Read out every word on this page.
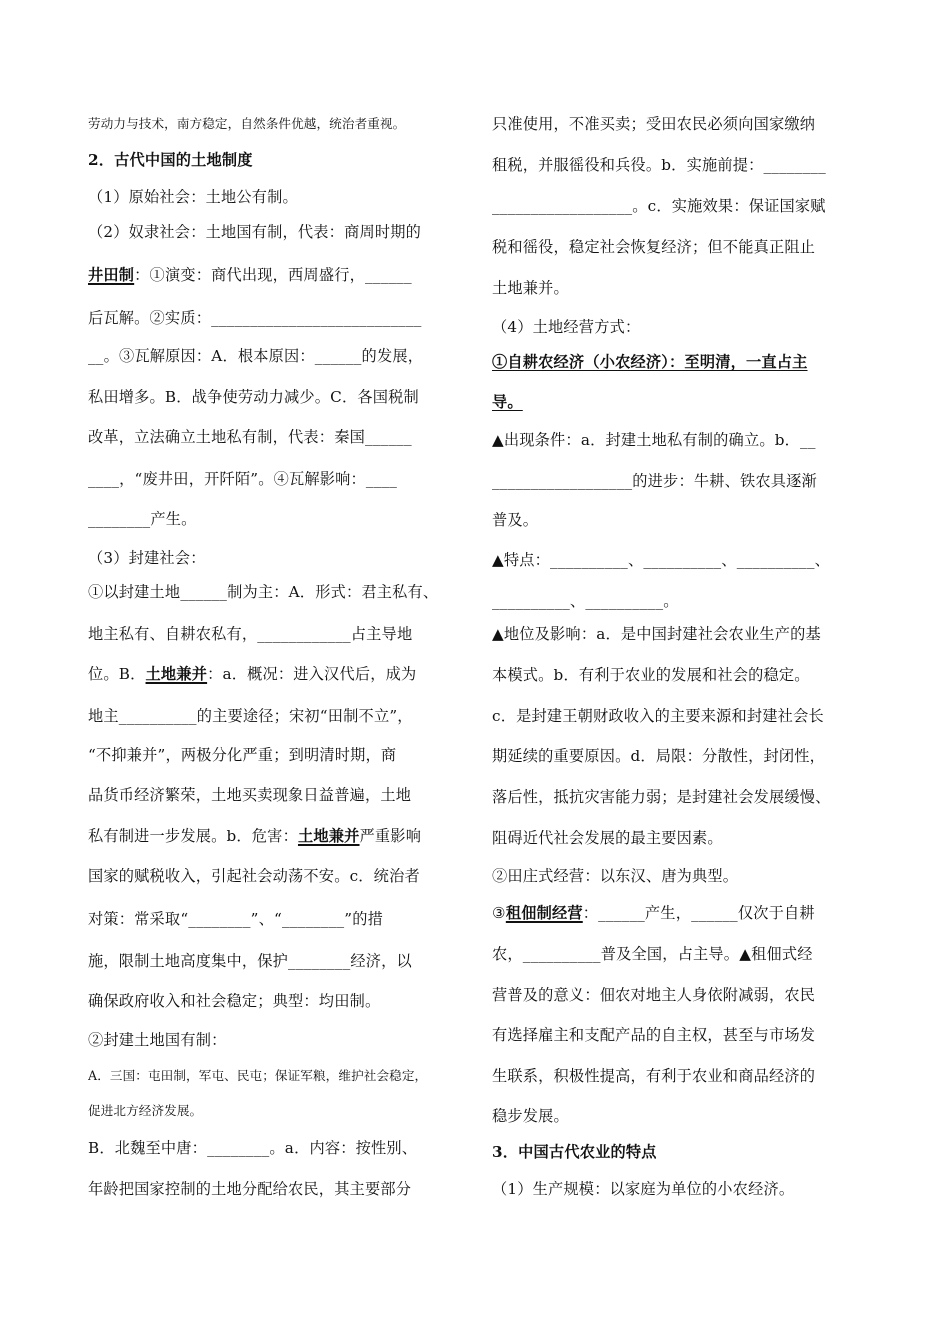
劳动力与技术，南方稳定，自然条件优越，统治者重视。
2．古代中国的土地制度
（1）原始社会：土地公有制。
（2）奴隶社会：土地国有制，代表：商周时期的
井田制：①演变：商代出现，西周盛行，______
后瓦解。②实质：___________________________
__。③瓦解原因：A．根本原因：______的发展，
私田增多。B．战争使劳动力减少。C．各国税制
改革，立法确立土地私有制，代表：秦国______
____，“废井田，开阡陌”。④瓦解影响：____
________产生。
（3）封建社会：
①以封建土地______制为主：A．形式：君主私有、
地主私有、自耕农私有，____________占主导地
位。B．土地兼并：a．概况：进入汉代后，成为
地主__________的主要途径；宋初“田制不立”，
“不抑兼并”，两极分化严重；到明清时期，商
品货币经济繁荣，土地买卖现象日益普遍，土地
私有制进一步发展。b．危害：土地兼并严重影响
国家的赋税收入，引起社会动荡不安。c．统治者
对策：常采取“________”、“________”的措
施，限制土地高度集中，保护________经济，以
确保政府收入和社会稳定；典型：均田制。
②封建土地国有制：
A．三国：屯田制，军屯、民屯；保证军粮，维护社会稳定，
促进北方经济发展。
B．北魏至中唐：________。a．内容：按性别、
年龄把国家控制的土地分配给农民，其主要部分
只准使用，不准买卖；受田农民必须向国家缴纳
租税，并服徭役和兵役。b．实施前提：________
__________________。c．实施效果：保证国家赋
税和徭役，稳定社会恢复经济；但不能真正阻止
土地兼并。
（4）土地经营方式：
①自耕农经济（小农经济）：至明清，一直占主
导。
▲出现条件：a．封建土地私有制的确立。b．__
__________________的进步：牛耕、铁农具逐渐
普及。
▲特点：__________、__________、__________、
__________、__________。
▲地位及影响：a．是中国封建社会农业生产的基
本模式。b．有利于农业的发展和社会的稳定。
c．是封建王朝财政收入的主要来源和封建社会长
期延续的重要原因。d．局限：分散性，封闭性，
落后性，抵抗灾害能力弱；是封建社会发展缓慢、
阻碍近代社会发展的最主要因素。
②田庄式经营：以东汉、唐为典型。
③租佃制经营：______产生，______仅次于自耕
农，__________普及全国，占主导。▲租佃式经
营普及的意义：佃农对地主人身依附减弱，农民
有选择雇主和支配产品的自主权，甚至与市场发
生联系，积极性提高，有利于农业和商品经济的
稳步发展。
3．中国古代农业的特点
（1）生产规模：以家庭为单位的小农经济。
